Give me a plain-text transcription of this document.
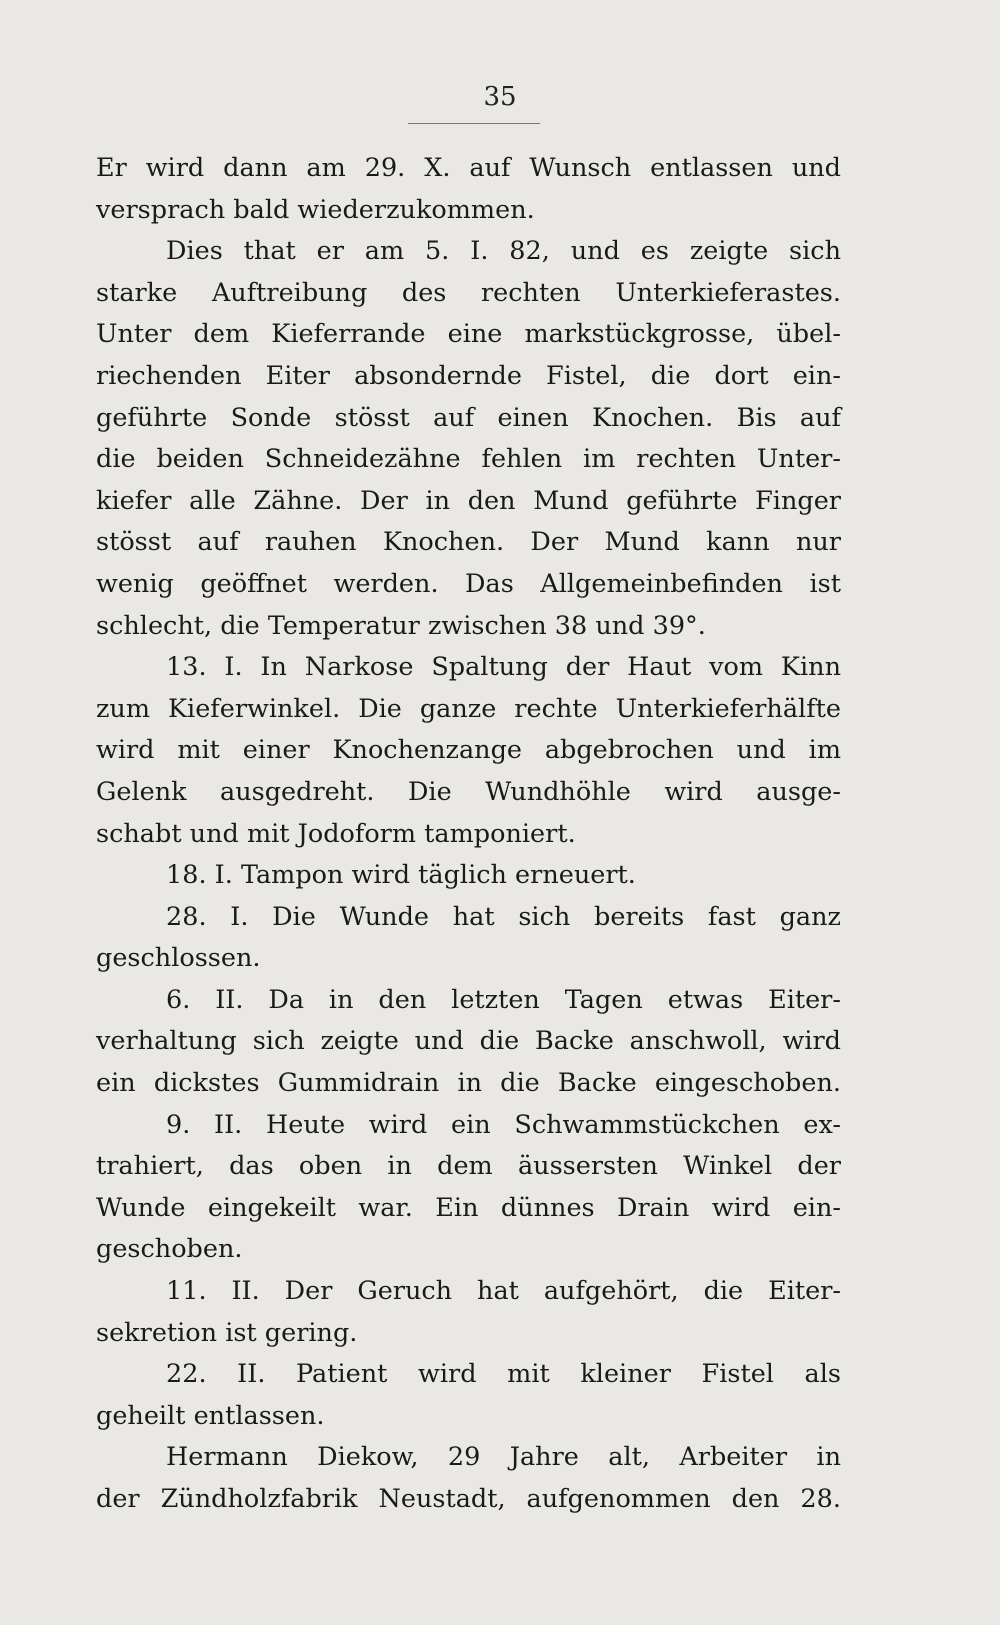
35
Er wird dann am 29. X. auf Wunsch entlassen und
versprach bald wiederzukommen.
Dies that er am 5. I. 82, und es zeigte sich
starke Auftreibung des rechten Unterkieferastes.
Unter dem Kieferrande eine markstückgrosse, übel-
riechenden Eiter absondernde Fistel, die dort ein-
geführte Sonde stösst auf einen Knochen. Bis auf
die beiden Schneidezähne fehlen im rechten Unter-
kiefer alle Zähne. Der in den Mund geführte Finger
stösst auf rauhen Knochen. Der Mund kann nur
wenig geöffnet werden. Das Allgemeinbefinden ist
schlecht, die Temperatur zwischen 38 und 39°.
13. I. In Narkose Spaltung der Haut vom Kinn
zum Kieferwinkel. Die ganze rechte Unterkieferhälfte
wird mit einer Knochenzange abgebrochen und im
Gelenk ausgedreht. Die Wundhöhle wird ausge-
schabt und mit Jodoform tamponiert.
18. I. Tampon wird täglich erneuert.
28. I. Die Wunde hat sich bereits fast ganz
geschlossen.
6. II. Da in den letzten Tagen etwas Eiter-
verhaltung sich zeigte und die Backe anschwoll, wird
ein dickstes Gummidrain in die Backe eingeschoben.
9. II. Heute wird ein Schwammstückchen ex-
trahiert, das oben in dem äussersten Winkel der
Wunde eingekeilt war. Ein dünnes Drain wird ein-
geschoben.
11. II. Der Geruch hat aufgehört, die Eiter-
sekretion ist gering.
22. II. Patient wird mit kleiner Fistel als
geheilt entlassen.
Hermann Diekow, 29 Jahre alt, Arbeiter in
der Zündholzfabrik Neustadt, aufgenommen den 28.
